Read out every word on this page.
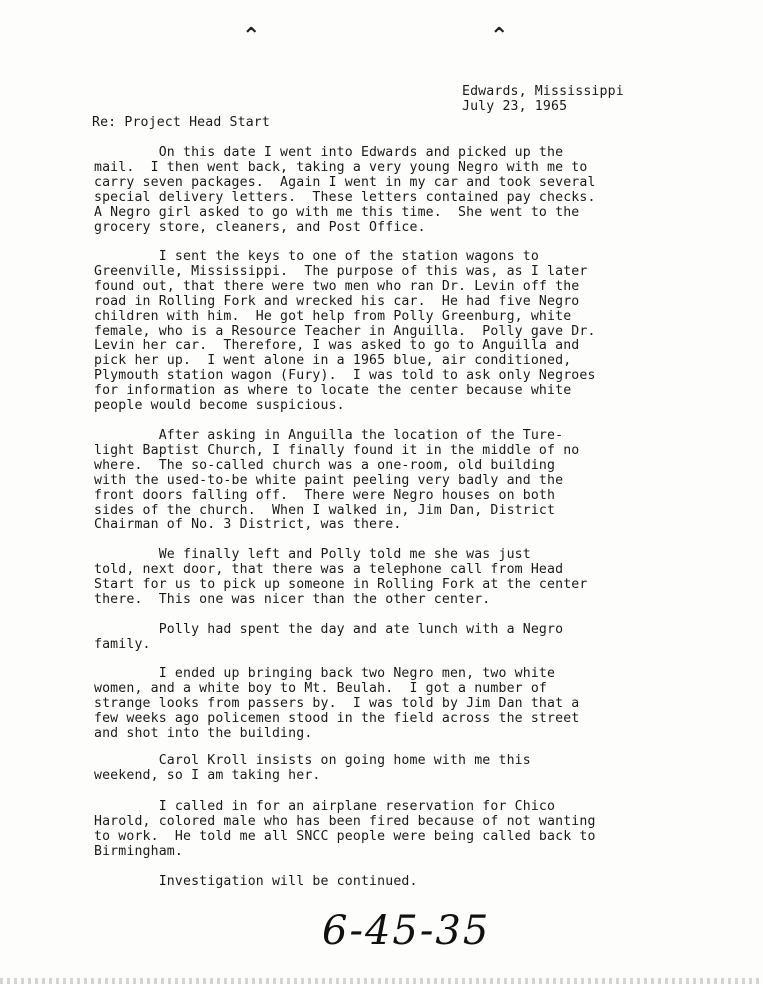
⌃	⌃
Edwards, Mississippi
July 23, 1965
Re: Project Head Start
On this date I went into Edwards and picked up the
mail.  I then went back, taking a very young Negro with me to
carry seven packages.  Again I went in my car and took several
special delivery letters.  These letters contained pay checks.
A Negro girl asked to go with me this time.  She went to the
grocery store, cleaners, and Post Office.
I sent the keys to one of the station wagons to
Greenville, Mississippi.  The purpose of this was, as I later
found out, that there were two men who ran Dr. Levin off the
road in Rolling Fork and wrecked his car.  He had five Negro
children with him.  He got help from Polly Greenburg, white
female, who is a Resource Teacher in Anguilla.  Polly gave Dr.
Levin her car.  Therefore, I was asked to go to Anguilla and
pick her up.  I went alone in a 1965 blue, air conditioned,
Plymouth station wagon (Fury).  I was told to ask only Negroes
for information as where to locate the center because white
people would become suspicious.
After asking in Anguilla the location of the Ture-
light Baptist Church, I finally found it in the middle of no
where.  The so-called church was a one-room, old building
with the used-to-be white paint peeling very badly and the
front doors falling off.  There were Negro houses on both
sides of the church.  When I walked in, Jim Dan, District
Chairman of No. 3 District, was there.
We finally left and Polly told me she was just
told, next door, that there was a telephone call from Head
Start for us to pick up someone in Rolling Fork at the center
there.  This one was nicer than the other center.
Polly had spent the day and ate lunch with a Negro
family.
I ended up bringing back two Negro men, two white
women, and a white boy to Mt. Beulah.  I got a number of
strange looks from passers by.  I was told by Jim Dan that a
few weeks ago policemen stood in the field across the street
and shot into the building.
Carol Kroll insists on going home with me this
weekend, so I am taking her.
I called in for an airplane reservation for Chico
Harold, colored male who has been fired because of not wanting
to work.  He told me all SNCC people were being called back to
Birmingham.
Investigation will be continued.
6-45-35
